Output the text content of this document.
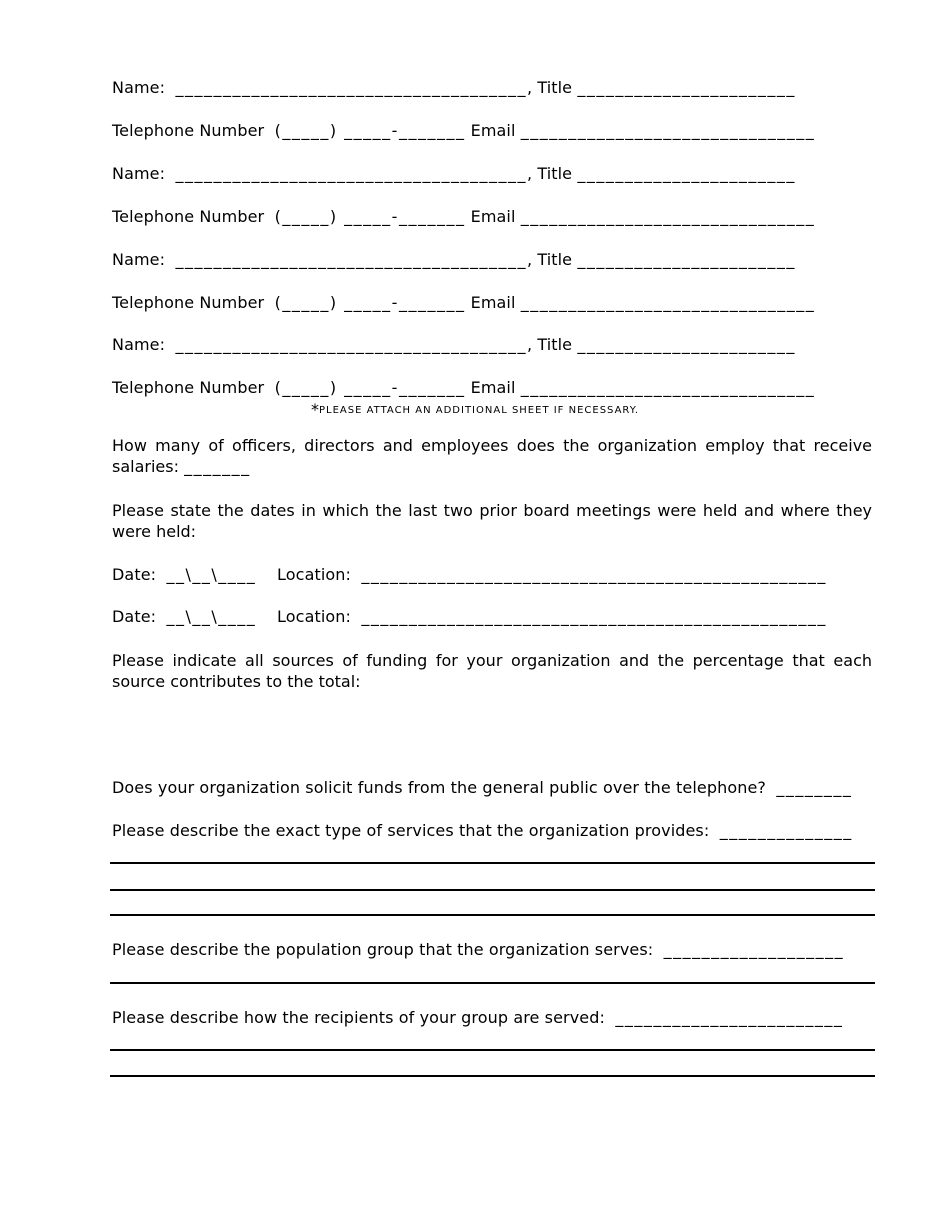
Name: _____________________________________, Title _______________________
Telephone Number (_____) _____-_______ Email _______________________________
Name: _____________________________________, Title _______________________
Telephone Number (_____) _____-_______ Email _______________________________
Name: _____________________________________, Title _______________________
Telephone Number (_____) _____-_______ Email _______________________________
Name: _____________________________________, Title _______________________
Telephone Number (_____) _____-_______ Email _______________________________
*PLEASE ATTACH AN ADDITIONAL SHEET IF NECESSARY.
How many of officers, directors and employees does the organization employ that receive salaries: _______
Please state the dates in which the last two prior board meetings were held and where they were held:
Date: __\__\____ Location: _________________________________________________
Date: __\__\____ Location: _________________________________________________
Please indicate all sources of funding for your organization and the percentage that each source contributes to the total:
Does your organization solicit funds from the general public over the telephone? ________
Please describe the exact type of services that the organization provides: ______________
Please describe the population group that the organization serves: ___________________
Please describe how the recipients of your group are served: ________________________
